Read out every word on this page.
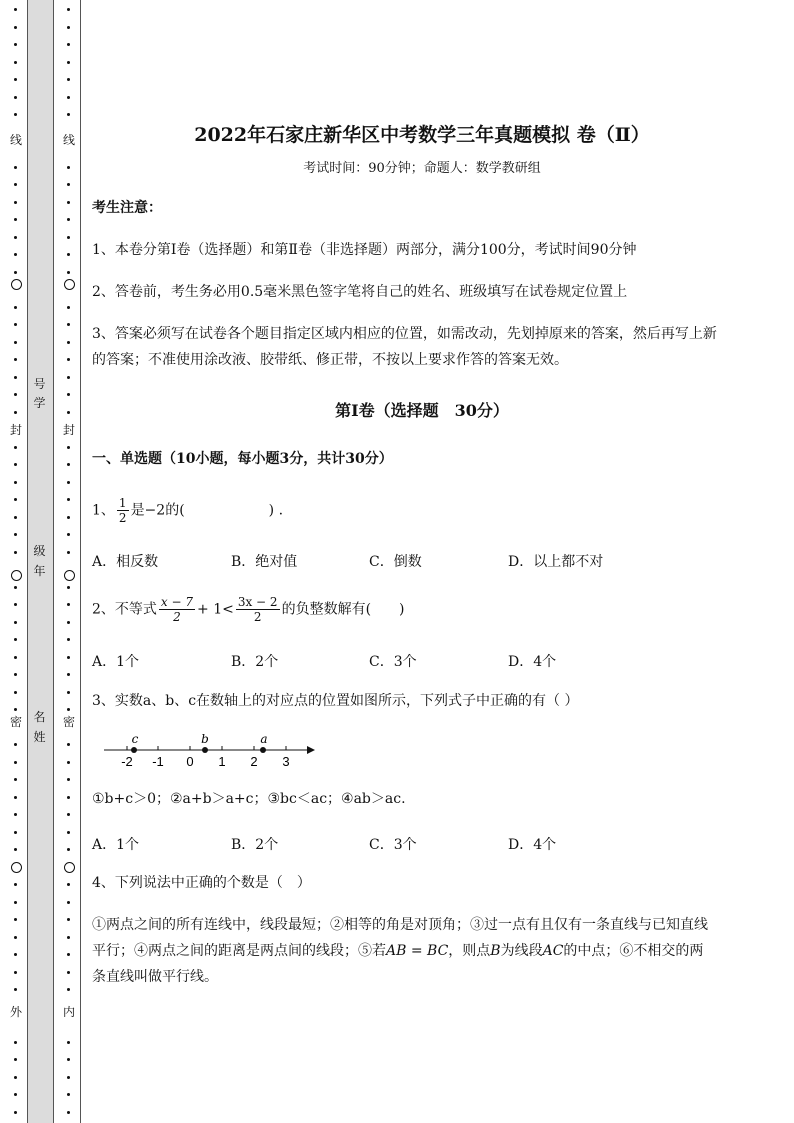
线
封
密
外
线
封
密
内
号
学
级
年
名
姓
2022年石家庄新华区中考数学三年真题模拟 卷（Ⅱ）
考试时间：90分钟；命题人：数学教研组
考生注意：
1、本卷分第Ⅰ卷（选择题）和第Ⅱ卷（非选择题）两部分，满分100分，考试时间90分钟
2、答卷前，考生务必用0.5毫米黑色签字笔将自己的姓名、班级填写在试卷规定位置上
3、答案必须写在试卷各个题目指定区域内相应的位置，如需改动，先划掉原来的答案，然后再写上新
的答案；不准使用涂改液、胶带纸、修正带，不按以上要求作答的答案无效。
第Ⅰ卷（选择题　30分）
一、单选题（10小题，每小题3分，共计30分）
1、 $\frac{1}{2}$ 是−2的(　　　　　　) .
A．相反数	B．绝对值	C．倒数	D．以上都不对
2、不等式 $\frac{x - 7}{2} + 1< \frac{3x - 2}{2}$ 的负整数解有(　　)
A．1个	B．2个	C．3个	D．4个
3、实数a、b、c在数轴上的对应点的位置如图所示，下列式子中正确的有（ ）
-2 -1 0 1 2 3
c	b	a
①b+c＞0；②a+b＞a+c；③bc＜ac；④ab＞ac.
A．1个	B．2个	C．3个	D．4个
4、下列说法中正确的个数是（　）
①两点之间的所有连线中，线段最短；②相等的角是对顶角；③过一点有且仅有一条直线与已知直线
平行；④两点之间的距离是两点间的线段；⑤若AB = BC，则点B为线段AC的中点；⑥不相交的两
条直线叫做平行线。
